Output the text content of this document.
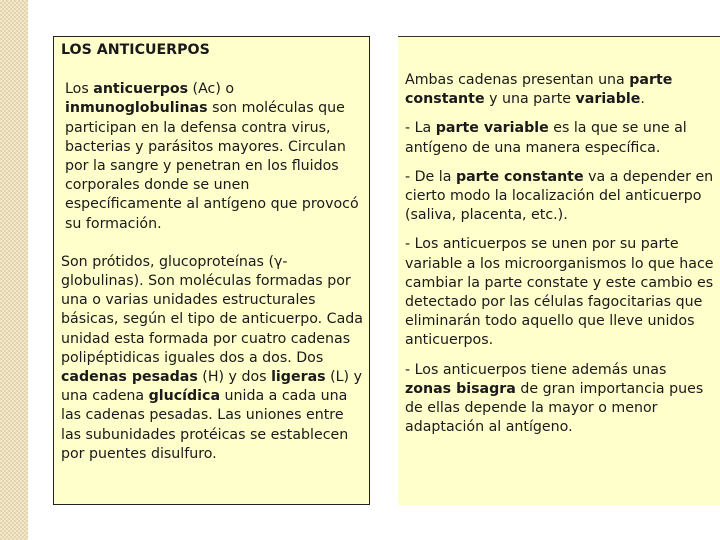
LOS ANTICUERPOS

Los anticuerpos (Ac) o inmunoglobulinas son moléculas que participan en la defensa contra virus, bacterias y parásitos mayores. Circulan por la sangre y penetran en los fluidos corporales donde se unen específicamente al antígeno que provocó su formación.

Son prótidos, glucoproteínas (γ-globulinas). Son moléculas formadas por una o varias unidades estructurales básicas, según el tipo de anticuerpo. Cada unidad esta formada por cuatro cadenas polipéptidicas iguales dos a dos. Dos cadenas pesadas (H) y dos ligeras (L) y una cadena glucídica unida a cada una las cadenas pesadas. Las uniones entre las subunidades protéicas se establecen por puentes disulfuro.

Ambas cadenas presentan una parte constante y una parte variable.

- La parte variable es la que se une al antígeno de una manera específica.

- De la parte constante va a depender en cierto modo la localización del anticuerpo (saliva, placenta, etc.).

- Los anticuerpos se unen por su parte variable a los microorganismos lo que hace cambiar la parte constate y este cambio es detectado por las células fagocitarias que eliminarán todo aquello que lleve unidos anticuerpos.

- Los anticuerpos tiene además unas zonas bisagra de gran importancia pues de ellas depende la mayor o menor adaptación al antígeno.
